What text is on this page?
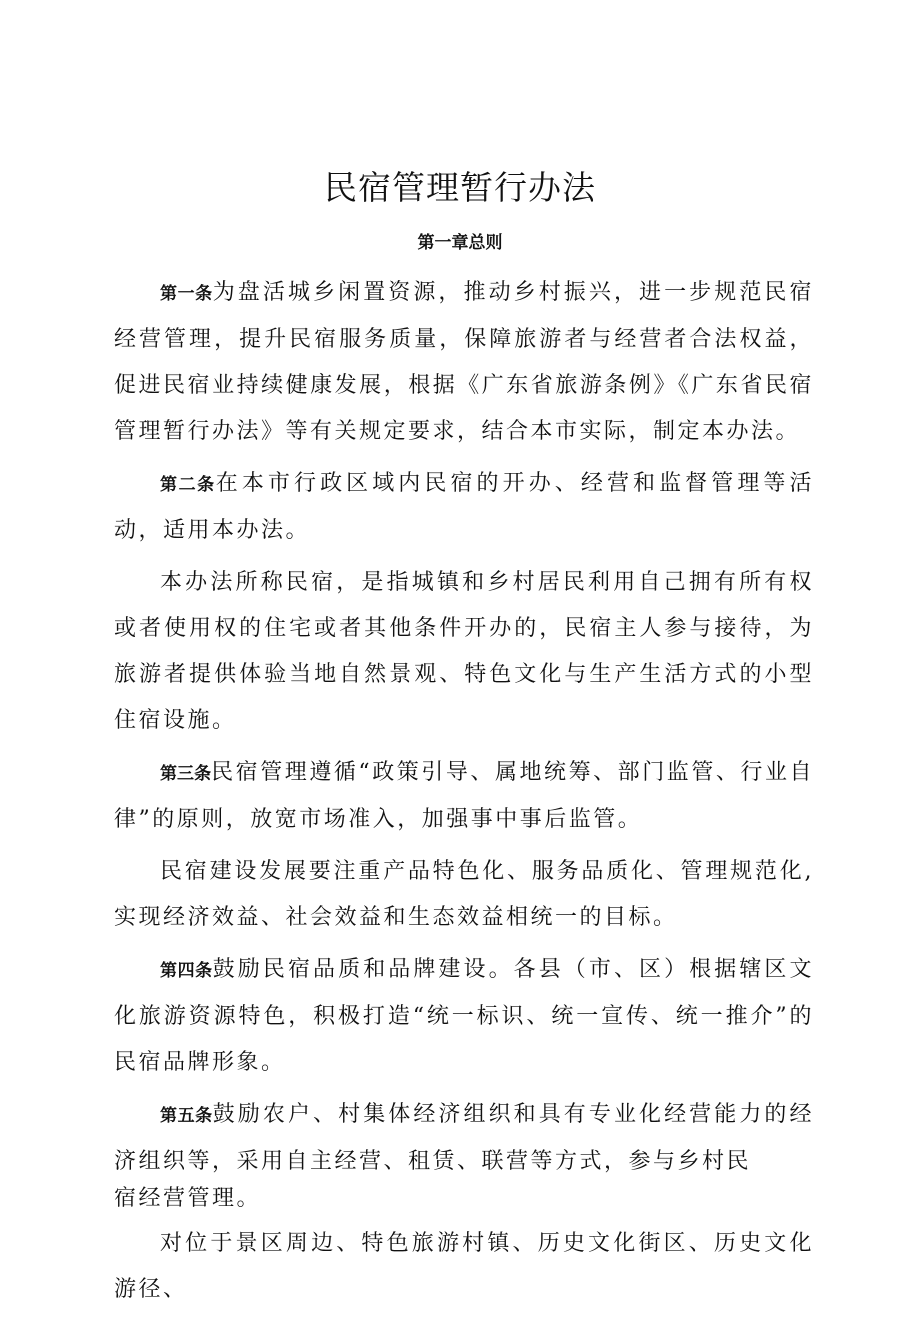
民宿管理暂行办法
第一章总则

第一条为盘活城乡闲置资源，推动乡村振兴，进一步规范民宿经营管理，提升民宿服务质量，保障旅游者与经营者合法权益，促进民宿业持续健康发展，根据《广东省旅游条例》《广东省民宿管理暂行办法》等有关规定要求，结合本市实际，制定本办法。

第二条在本市行政区域内民宿的开办、经营和监督管理等活动，适用本办法。

本办法所称民宿，是指城镇和乡村居民利用自己拥有所有权或者使用权的住宅或者其他条件开办的，民宿主人参与接待，为旅游者提供体验当地自然景观、特色文化与生产生活方式的小型住宿设施。

第三条民宿管理遵循“政策引导、属地统筹、部门监管、行业自律”的原则，放宽市场准入，加强事中事后监管。

民宿建设发展要注重产品特色化、服务品质化、管理规范化,实现经济效益、社会效益和生态效益相统一的目标。

第四条鼓励民宿品质和品牌建设。各县（市、区）根据辖区文化旅游资源特色，积极打造“统一标识、统一宣传、统一推介”的民宿品牌形象。

第五条鼓励农户、村集体经济组织和具有专业化经营能力的经济组织等，采用自主经营、租赁、联营等方式，参与乡村民
宿经营管理。

对位于景区周边、特色旅游村镇、历史文化街区、历史文化游径、
